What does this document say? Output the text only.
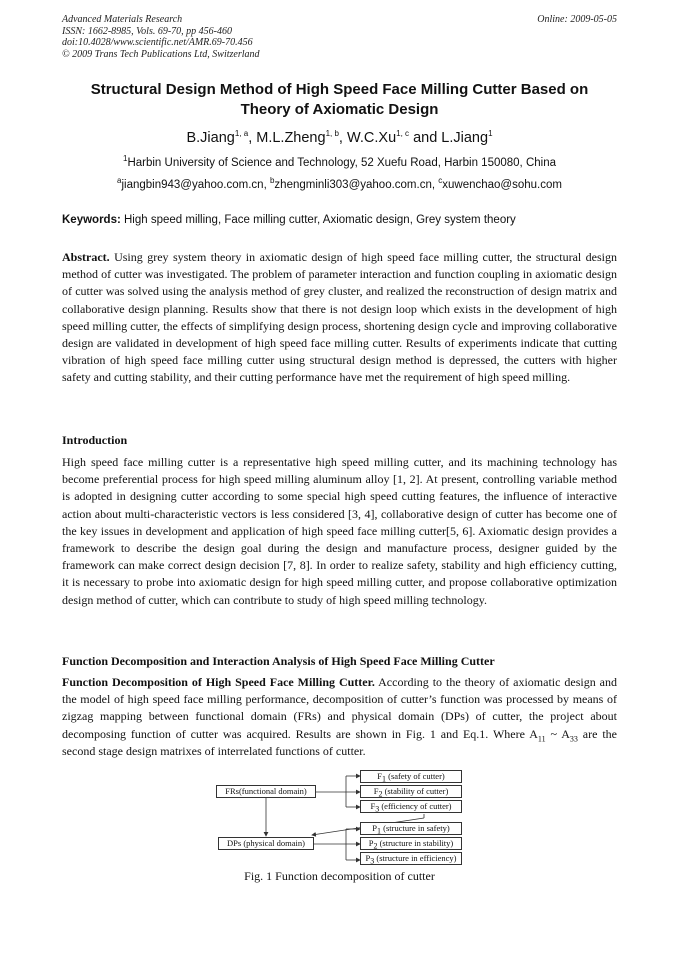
Advanced Materials Research
ISSN: 1662-8985, Vols. 69-70, pp 456-460
doi:10.4028/www.scientific.net/AMR.69-70.456
© 2009 Trans Tech Publications Ltd, Switzerland
Online: 2009-05-05
Structural Design Method of High Speed Face Milling Cutter Based on
Theory of Axiomatic Design
B.Jiang$^{1, a}$, M.L.Zheng$^{1, b}$, W.C.Xu$^{1, c}$ and L.Jiang$^1$
$^1$Harbin University of Science and Technology, 52 Xuefu Road, Harbin 150080, China
$^a$jiangbin943@yahoo.com.cn, $^b$zhengminli303@yahoo.com.cn, $^c$xuwenchao@sohu.com
Keywords: High speed milling, Face milling cutter, Axiomatic design, Grey system theory
Abstract. Using grey system theory in axiomatic design of high speed face milling cutter, the structural design method of cutter was investigated. The problem of parameter interaction and function coupling in axiomatic design of cutter was solved using the analysis method of grey cluster, and realized the reconstruction of design matrix and collaborative design planning. Results show that there is not design loop which exists in the development of high speed milling cutter, the effects of simplifying design process, shortening design cycle and improving collaborative design are validated in development of high speed face milling cutter. Results of experiments indicate that cutting vibration of high speed face milling cutter using structural design method is depressed, the cutters with higher safety and cutting stability, and their cutting performance have met the requirement of high speed milling.
Introduction
High speed face milling cutter is a representative high speed milling cutter, and its machining technology has become preferential process for high speed milling aluminum alloy [1, 2]. At present, controlling variable method is adopted in designing cutter according to some special high speed cutting features, the influence of interactive action about multi-characteristic vectors is less considered [3, 4], collaborative design of cutter has become one of the key issues in development and application of high speed face milling cutter[5, 6]. Axiomatic design provides a framework to describe the design goal during the design and manufacture process, designer guided by the framework can make correct design decision [7, 8]. In order to realize safety, stability and high efficiency cutting, it is necessary to probe into axiomatic design for high speed milling cutter, and propose collaborative optimization design method of cutter, which can contribute to study of high speed milling technology.
Function Decomposition and Interaction Analysis of High Speed Face Milling Cutter
Function Decomposition of High Speed Face Milling Cutter. According to the theory of axiomatic design and the model of high speed face milling performance, decomposition of cutter’s function was processed by means of zigzag mapping between functional domain (FRs) and physical domain (DPs) of cutter, the project about decomposing function of cutter was acquired. Results are shown in Fig. 1 and Eq.1. Where $A_{11}$ ~ $A_{33}$ are the second stage design matrixes of interrelated functions of cutter.
FRs(functional domain)
DPs (physical domain)
$F_1$ (safety of cutter)
$F_2$ (stability of cutter)
$F_3$ (efficiency of cutter)
$P_1$ (structure in safety)
$P_2$ (structure in stability)
$P_3$ (structure in efficiency)
Fig. 1 Function decomposition of cutter
